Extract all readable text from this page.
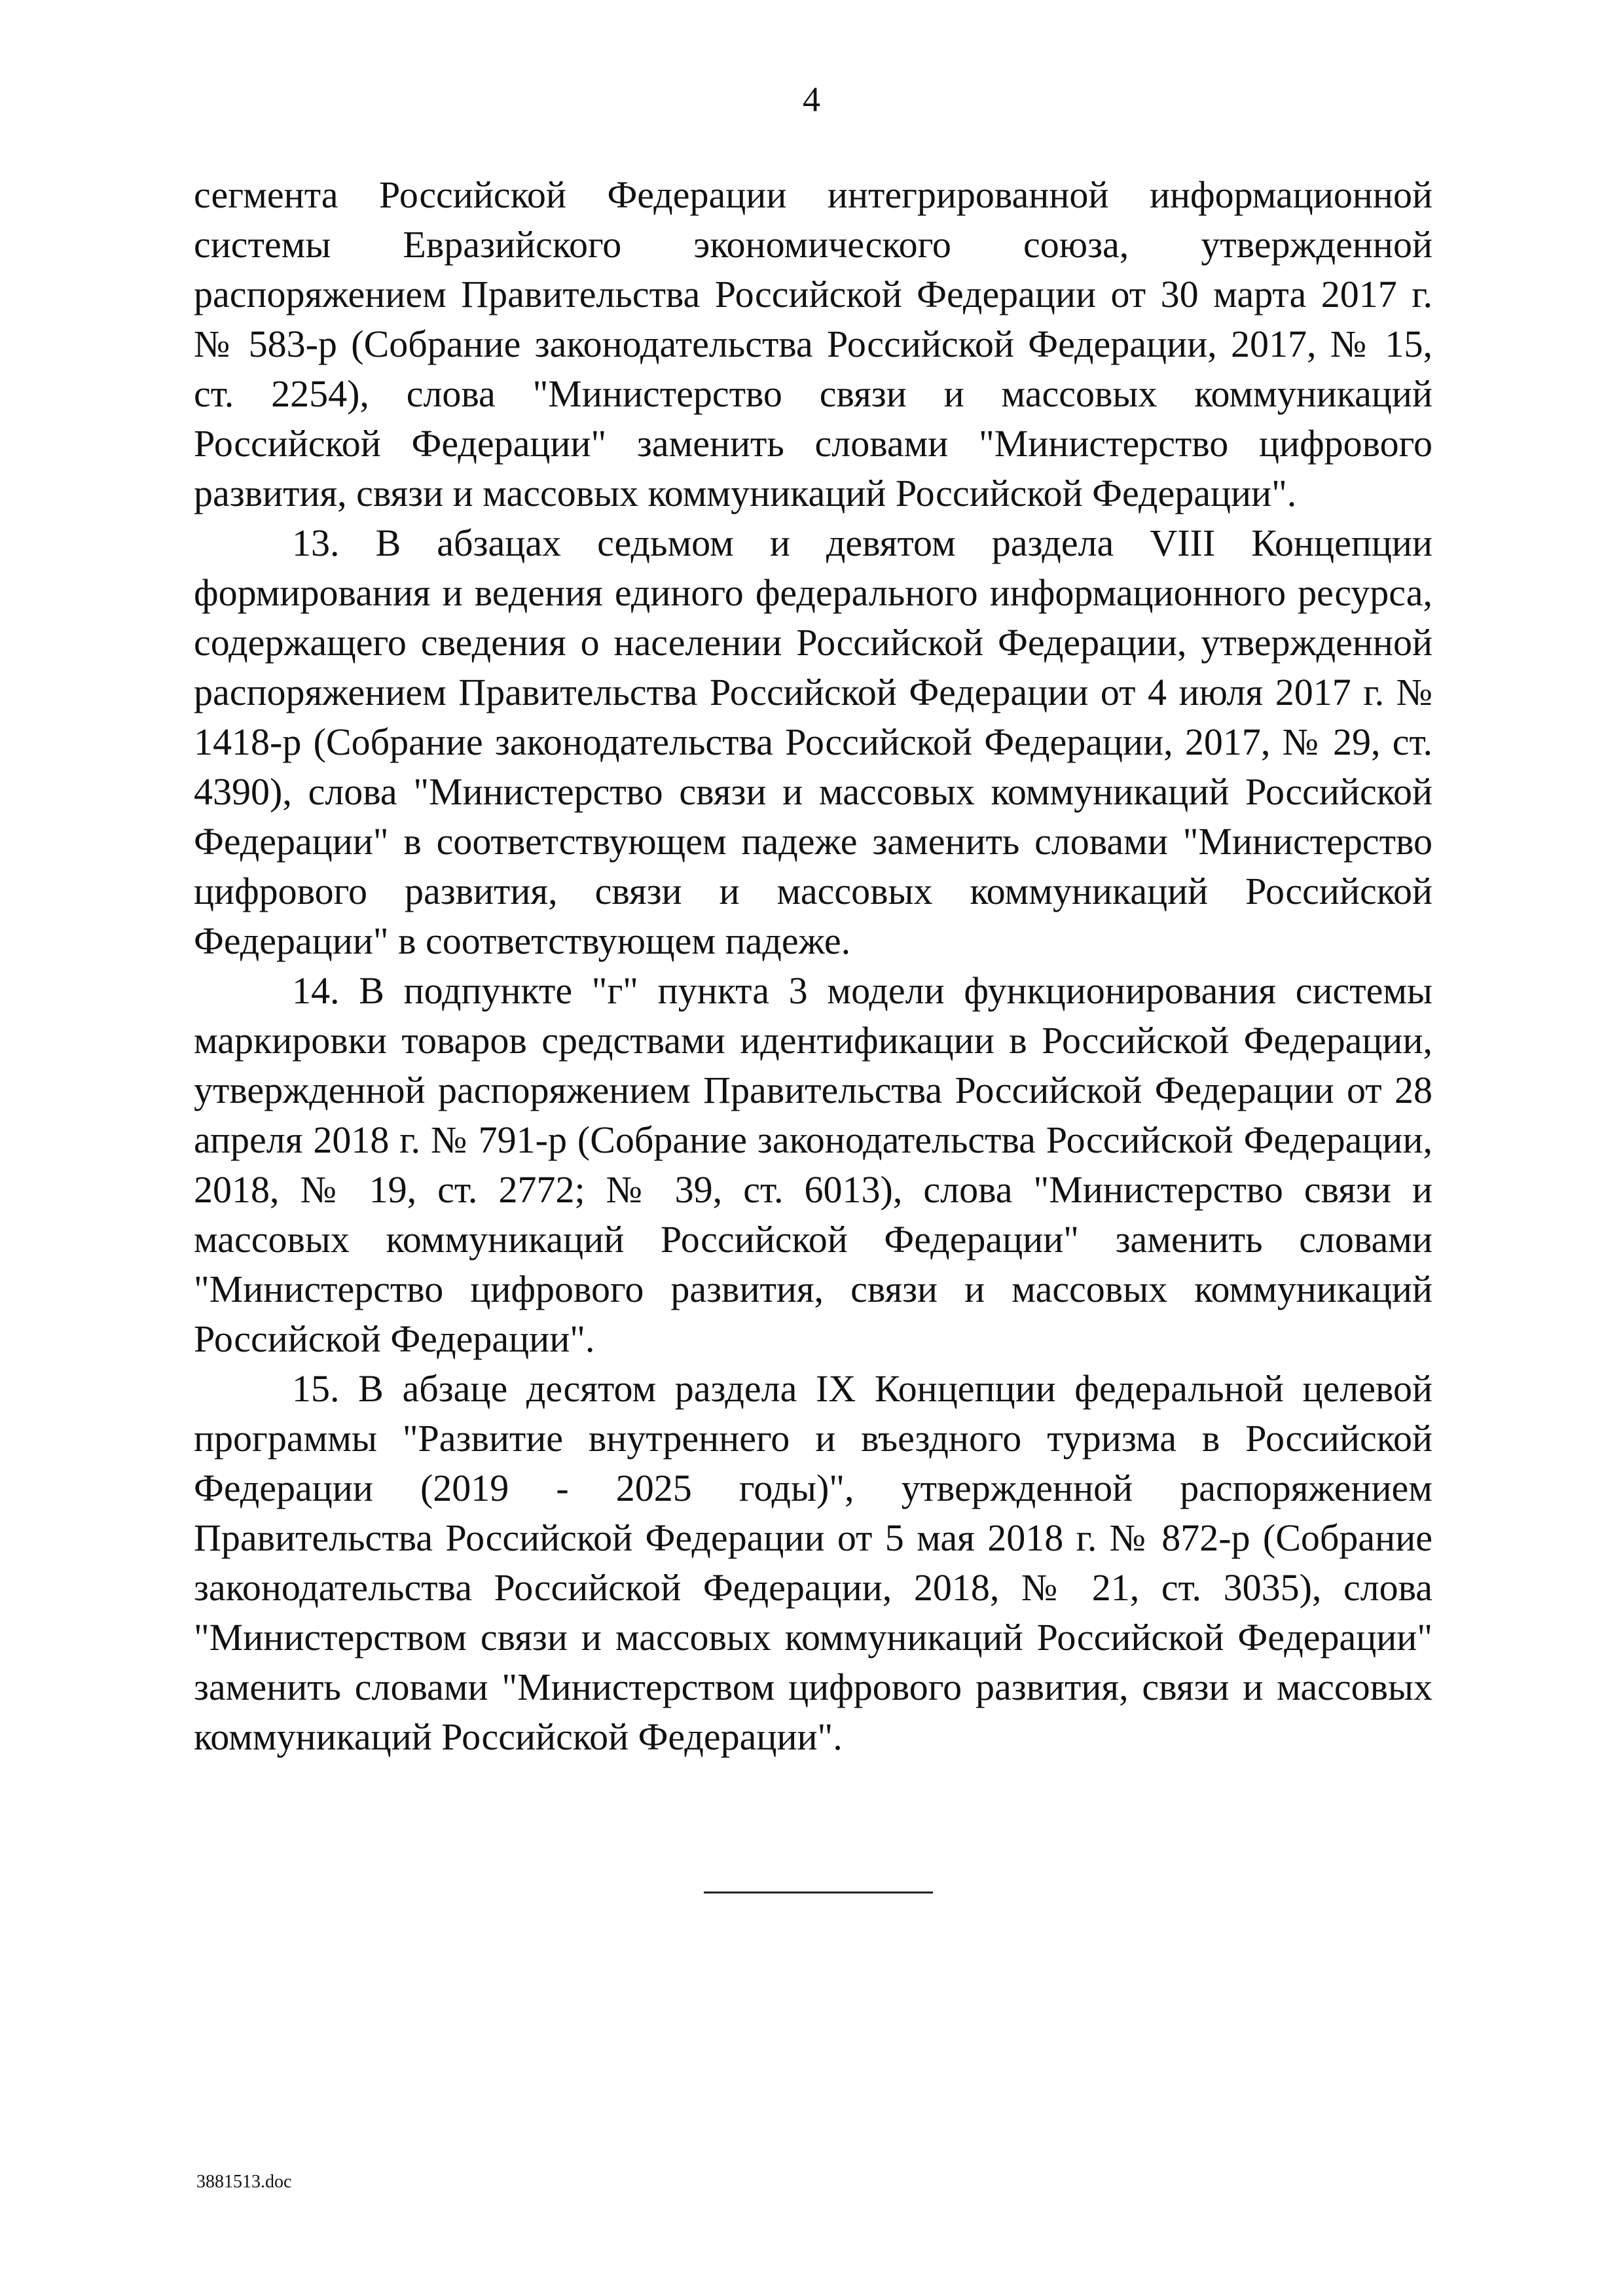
4

сегмента Российской Федерации интегрированной информационной системы Евразийского экономического союза, утвержденной распоряжением Правительства Российской Федерации от 30 марта 2017 г. № 583-р (Собрание законодательства Российской Федерации, 2017, № 15, ст. 2254), слова "Министерство связи и массовых коммуникаций Российской Федерации" заменить словами "Министерство цифрового развития, связи и массовых коммуникаций Российской Федерации".

13. В абзацах седьмом и девятом раздела VIII Концепции формирования и ведения единого федерального информационного ресурса, содержащего сведения о населении Российской Федерации, утвержденной распоряжением Правительства Российской Федерации от 4 июля 2017 г. № 1418-р (Собрание законодательства Российской Федерации, 2017, № 29, ст. 4390), слова "Министерство связи и массовых коммуникаций Российской Федерации" в соответствующем падеже заменить словами "Министерство цифрового развития, связи и массовых коммуникаций Российской Федерации" в соответствующем падеже.

14. В подпункте "г" пункта 3 модели функционирования системы маркировки товаров средствами идентификации в Российской Федерации, утвержденной распоряжением Правительства Российской Федерации от 28 апреля 2018 г. № 791-р (Собрание законодательства Российской Федерации, 2018, № 19, ст. 2772; № 39, ст. 6013), слова "Министерство связи и массовых коммуникаций Российской Федерации" заменить словами "Министерство цифрового развития, связи и массовых коммуникаций Российской Федерации".

15. В абзаце десятом раздела IX Концепции федеральной целевой программы "Развитие внутреннего и въездного туризма в Российской Федерации (2019 - 2025 годы)", утвержденной распоряжением Правительства Российской Федерации от 5 мая 2018 г. № 872-р (Собрание законодательства Российской Федерации, 2018, № 21, ст. 3035), слова "Министерством связи и массовых коммуникаций Российской Федерации" заменить словами "Министерством цифрового развития, связи и массовых коммуникаций Российской Федерации".

3881513.doc
